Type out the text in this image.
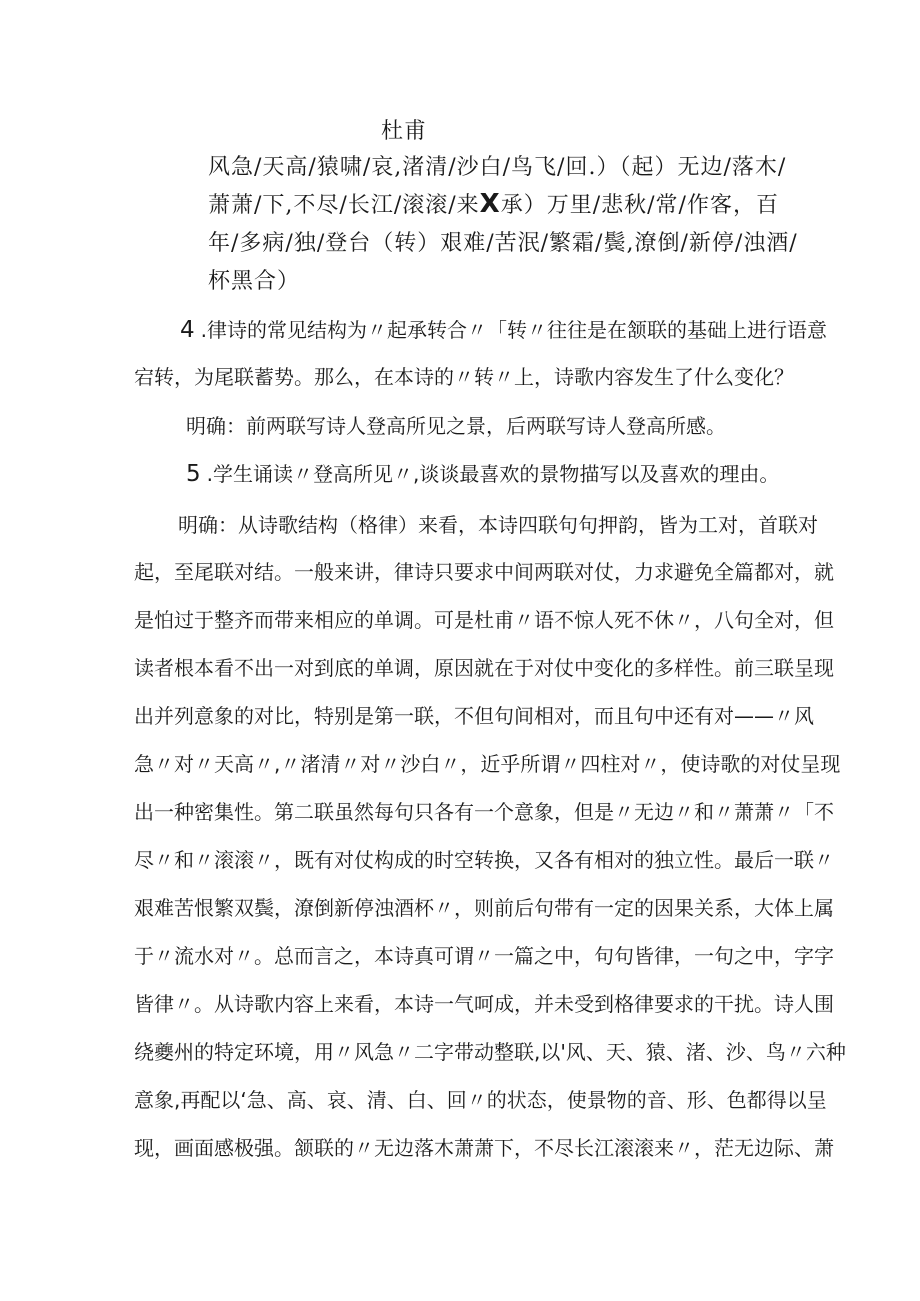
杜甫
风急/天高/猿啸/哀,渚清/沙白/鸟飞/回.）（起）无边/落木/
萧萧/下,不尽/长江/滚滚/来X承）万里/悲秋/常/作客，百
年/多病/独/登台（转）艰难/苦泯/繁霜/鬓,潦倒/新停/浊酒/
杯黑合）
4 .律诗的常见结构为〃起承转合〃「转〃往往是在颔联的基础上进行语意
宕转，为尾联蓄势。那么，在本诗的〃转〃上，诗歌内容发生了什么变化？
明确：前两联写诗人登高所见之景，后两联写诗人登高所感。
5 .学生诵读〃登高所见〃,谈谈最喜欢的景物描写以及喜欢的理由。
明确：从诗歌结构（格律）来看，本诗四联句句押韵，皆为工对，首联对
起，至尾联对结。一般来讲，律诗只要求中间两联对仗，力求避免全篇都对，就
是怕过于整齐而带来相应的单调。可是杜甫〃语不惊人死不休〃，八句全对，但
读者根本看不出一对到底的单调，原因就在于对仗中变化的多样性。前三联呈现
出并列意象的对比，特别是第一联，不但句间相对，而且句中还有对——〃风
急〃对〃天高〃,〃渚清〃对〃沙白〃，近乎所谓〃四柱对〃，使诗歌的对仗呈现
出一种密集性。第二联虽然每句只各有一个意象，但是〃无边〃和〃萧萧〃「不
尽〃和〃滚滚〃，既有对仗构成的时空转换，又各有相对的独立性。最后一联〃
艰难苦恨繁双鬓，潦倒新停浊酒杯〃，则前后句带有一定的因果关系，大体上属
于〃流水对〃。总而言之，本诗真可谓〃一篇之中，句句皆律，一句之中，字字
皆律〃。从诗歌内容上来看，本诗一气呵成，并未受到格律要求的干扰。诗人围
绕夔州的特定环境，用〃风急〃二字带动整联,以'风、天、猿、渚、沙、鸟〃六种
意象,再配以‘急、高、哀、清、白、回〃的状态，使景物的音、形、色都得以呈
现，画面感极强。颔联的〃无边落木萧萧下，不尽长江滚滚来〃，茫无边际、萧
